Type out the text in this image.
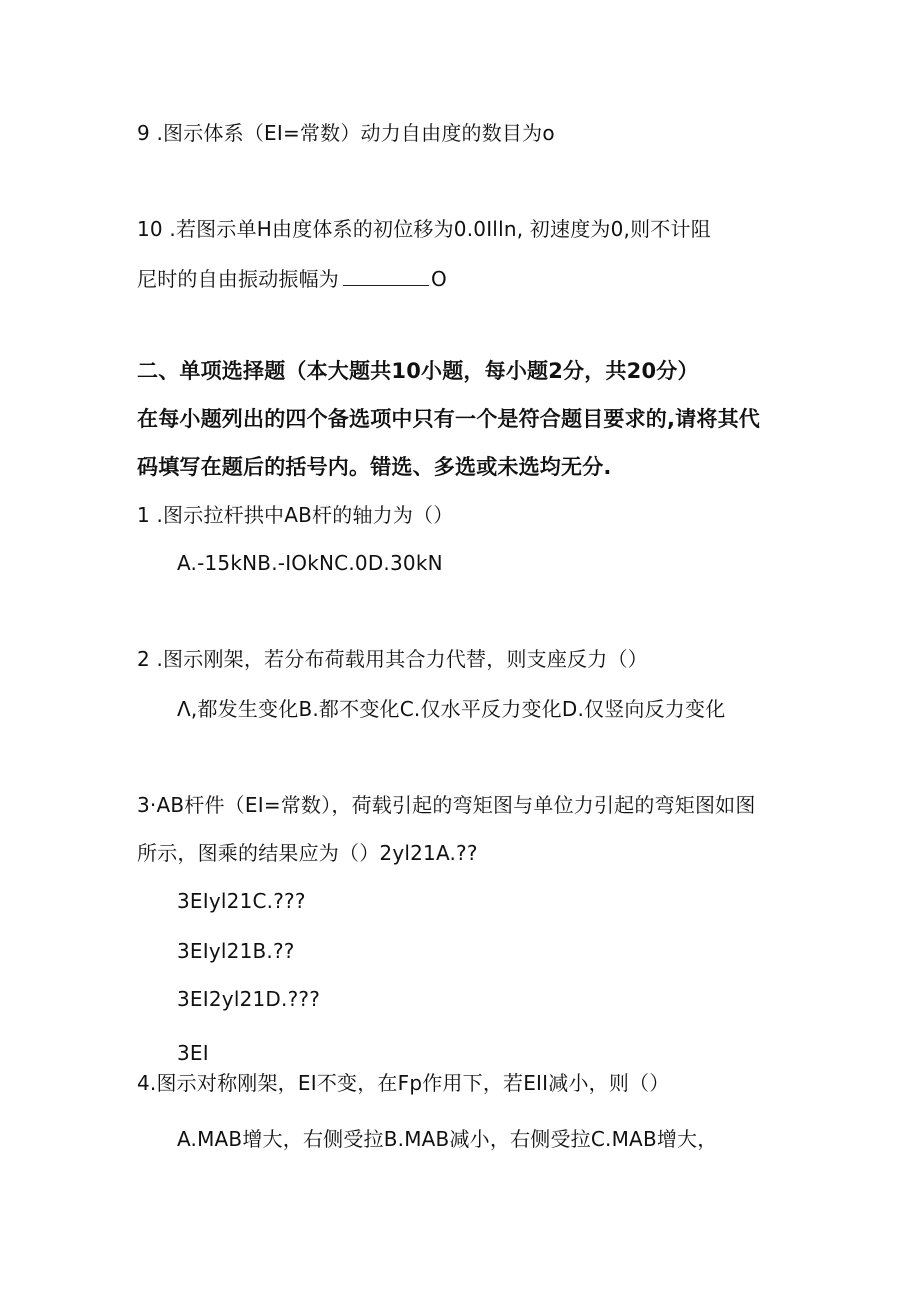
9 .图示体系（EI=常数）动力自由度的数目为o
10 .若图示单H由度体系的初位移为0.0Illn, 初速度为0,则不计阻
尼时的自由振动振幅为	O
二、单项选择题（本大题共10小题，每小题2分，共20分）
在每小题列出的四个备选项中只有一个是符合题目要求的,请将其代
码填写在题后的括号内。错选、多选或未选均无分.
1 .图示拉杆拱中AB杆的轴力为（）
A.-15kNB.-IOkNC.0D.30kN
2 .图示刚架，若分布荷载用其合力代替，则支座反力（）
Λ,都发生变化B.都不变化C.仅水平反力变化D.仅竖向反力变化
3·AB杆件（EI=常数），荷载引起的弯矩图与单位力引起的弯矩图如图
所示，图乘的结果应为（）2yl21A.??
3EIyl21C.???
3EIyl21B.??
3EI2yl21D.???
3EI
4.图示对称刚架，EI不变，在Fp作用下，若EII减小，则（）
A.MAB增大，右侧受拉B.MAB减小，右侧受拉C.MAB增大，
